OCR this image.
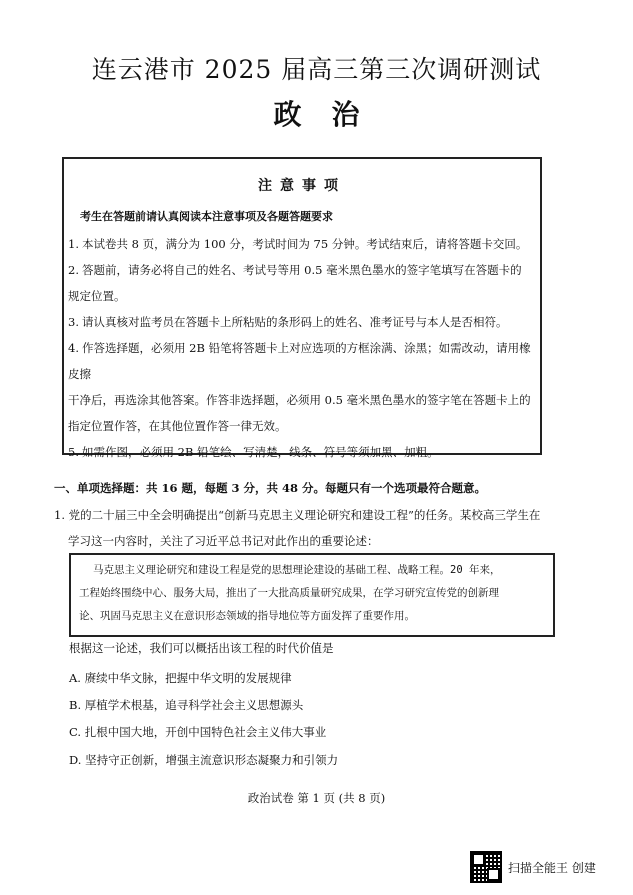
连云港市 2025 届高三第三次调研测试
政治
注意事项
考生在答题前请认真阅读本注意事项及各题答题要求

1. 本试卷共 8 页，满分为 100 分，考试时间为 75 分钟。考试结束后，请将答题卡交回。

2. 答题前，请务必将自己的姓名、考试号等用 0.5 毫米黑色墨水的签字笔填写在答题卡的

规定位置。

3. 请认真核对监考员在答题卡上所粘贴的条形码上的姓名、准考证号与本人是否相符。

4. 作答选择题，必须用 2B 铅笔将答题卡上对应选项的方框涂满、涂黑；如需改动，请用橡皮擦

干净后，再选涂其他答案。作答非选择题，必须用 0.5 毫米黑色墨水的签字笔在答题卡上的

指定位置作答，在其他位置作答一律无效。

5. 如需作图，必须用 2B 铅笔绘、写清楚，线条、符号等须加黑、加粗。

一、单项选择题：共 16 题，每题 3 分，共 48 分。每题只有一个选项最符合题意。
1. 党的二十届三中全会明确提出“创新马克思主义理论研究和建设工程”的任务。某校高三学生在
学习这一内容时，关注了习近平总书记对此作出的重要论述：

马克思主义理论研究和建设工程是党的思想理论建设的基础工程、战略工程。20 年来，

工程始终围绕中心、服务大局，推出了一大批高质量研究成果，在学习研究宣传党的创新理

论、巩固马克思主义在意识形态领域的指导地位等方面发挥了重要作用。

根据这一论述，我们可以概括出该工程的时代价值是
A. 赓续中华文脉，把握中华文明的发展规律
B. 厚植学术根基，追寻科学社会主义思想源头
C. 扎根中国大地，开创中国特色社会主义伟大事业
D. 坚持守正创新，增强主流意识形态凝聚力和引领力
政治试卷 第 1 页 (共 8 页)
扫描全能王 创建
